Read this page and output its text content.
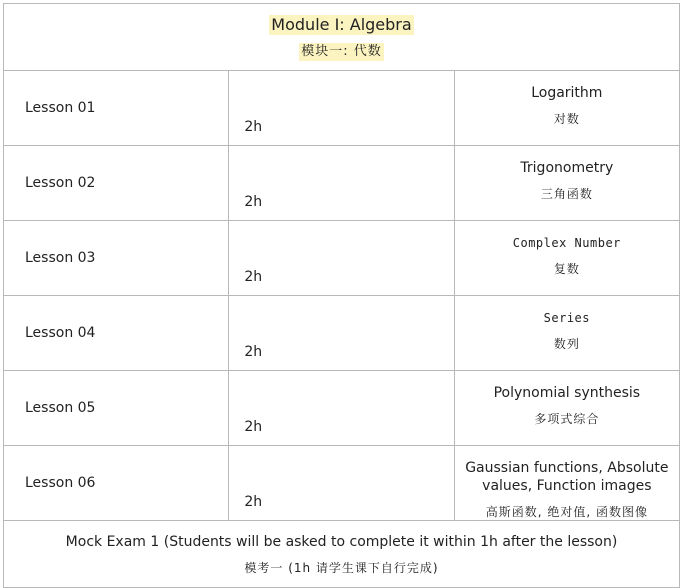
Module I: Algebra
模块一: 代数		

Lesson 01	2h	Logarithm
对数

Lesson 02	2h	Trigonometry
三角函数

Lesson 03	2h	Complex Number
复数

Lesson 04	2h	Series
数列

Lesson 05	2h	Polynomial synthesis
多项式综合

Lesson 06	2h	Gaussian functions, Absolute values, Function images
高斯函数, 绝对值, 函数图像

Mock Exam 1 (Students will be asked to complete it within 1h after the lesson)
模考一 (1h 请学生课下自行完成)		
